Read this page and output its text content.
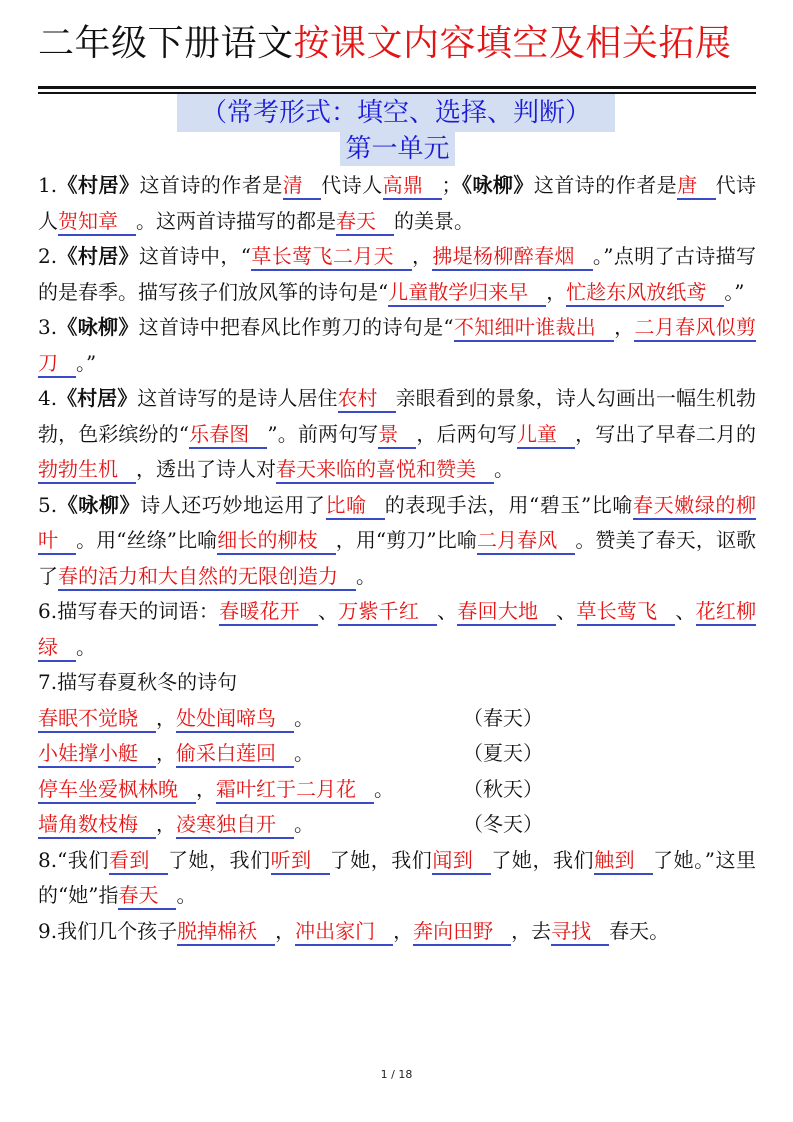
二年级下册语文按课文内容填空及相关拓展
（常考形式：填空、选择、判断）
第一单元

1.《村居》这首诗的作者是清 代诗人高鼎 ；《咏柳》这首诗的作者是唐 代诗人贺知章 。这两首诗描写的都是春天 的美景。

2.《村居》这首诗中，“草长莺飞二月天 ，拂堤杨柳醉春烟 。”点明了古诗描写的是春季。描写孩子们放风筝的诗句是“儿童散学归来早 ，忙趁东风放纸鸢 。”

3.《咏柳》这首诗中把春风比作剪刀的诗句是“不知细叶谁裁出 ，二月春风似剪刀 。”

4.《村居》这首诗写的是诗人居住农村 亲眼看到的景象，诗人勾画出一幅生机勃勃，色彩缤纷的“乐春图 ”。前两句写景 ，后两句写儿童 ，写出了早春二月的勃勃生机 ，透出了诗人对春天来临的喜悦和赞美 。

5.《咏柳》诗人还巧妙地运用了比喻 的表现手法，用“碧玉”比喻春天嫩绿的柳叶 。用“丝绦”比喻细长的柳枝 ，用“剪刀”比喻二月春风 。赞美了春天，讴歌了春的活力和大自然的无限创造力 。

6.描写春天的词语：春暖花开 、万紫千红 、春回大地 、草长莺飞 、花红柳绿 。

7.描写春夏秋冬的诗句

春眠不觉晓 ，处处闻啼鸟 。	（春天）
小娃撑小艇 ，偷采白莲回 。	（夏天）
停车坐爱枫林晚 ，霜叶红于二月花 。	（秋天）
墙角数枝梅 ，凌寒独自开 。	（冬天）

8.“我们看到 了她，我们听到 了她，我们闻到 了她，我们触到 了她。”这里的“她”指春天 。

9.我们几个孩子脱掉棉袄 ，冲出家门 ，奔向田野 ，去寻找 春天。

1 / 18
